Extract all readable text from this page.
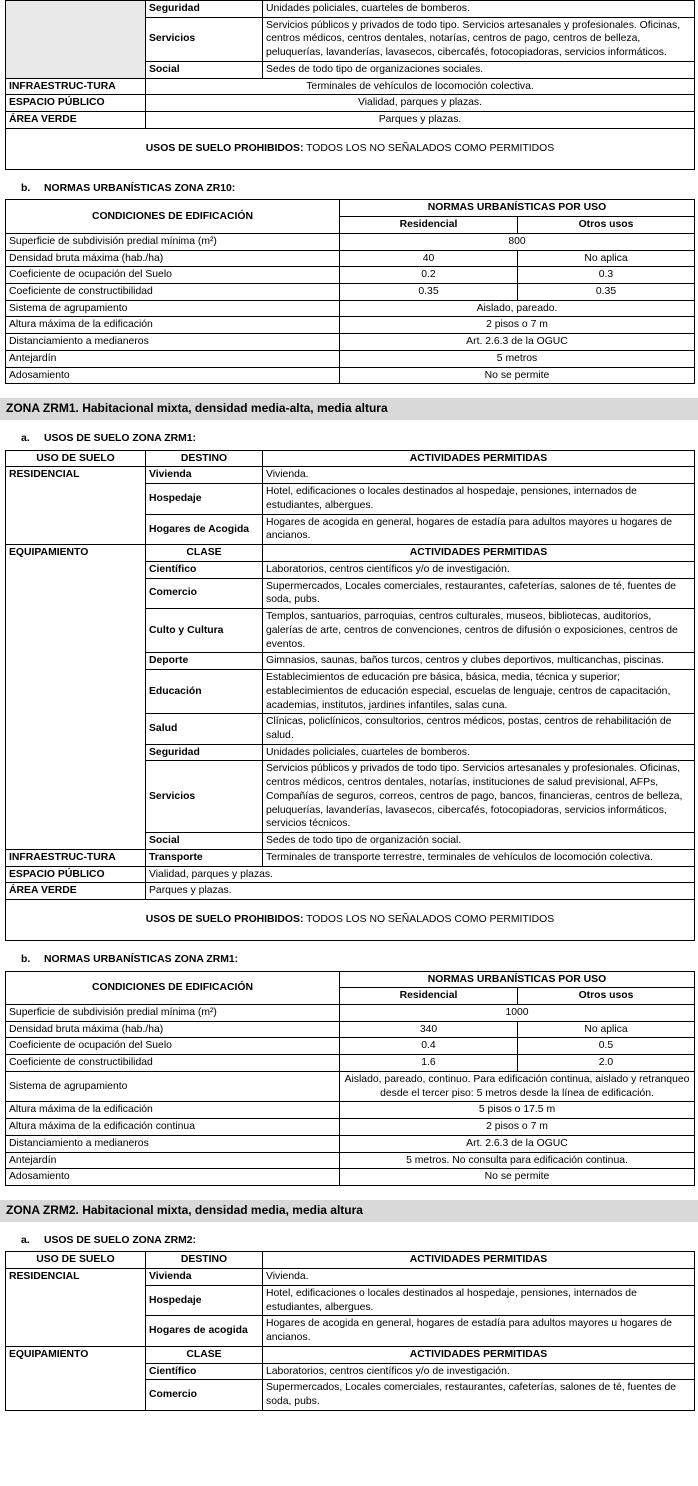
	Seguridad	Unidades policiales, cuarteles de bomberos.
	Servicios	Servicios públicos y privados de todo tipo. Servicios artesanales y profesionales. Oficinas, centros médicos, centros dentales, notarías, centros de pago, centros de belleza, peluquerías, lavanderías, lavasecos, cibercafés, fotocopiadoras, servicios informáticos.
	Social	Sedes de todo tipo de organizaciones sociales.
INFRAESTRUC-TURA	Terminales de vehículos de locomoción colectiva.	
ESPACIO PÚBLICO	Vialidad, parques y plazas.	
ÁREA VERDE	Parques y plazas.	
USOS DE SUELO PROHIBIDOS: TODOS LOS NO SEÑALADOS COMO PERMITIDOS		
b. NORMAS URBANÍSTICAS ZONA ZR10:
CONDICIONES DE EDIFICACIÓN	NORMAS URBANÍSTICAS POR USO	
	Residencial	Otros usos
Superficie de subdivisión predial mínima (m²)	800	
Densidad bruta máxima (hab./ha)	40	No aplica
Coeficiente de ocupación del Suelo	0.2	0.3
Coeficiente de constructibilidad	0.35	0.35
Sistema de agrupamiento	Aislado, pareado.	
Altura máxima de la edificación	2 pisos o 7 m	
Distanciamiento a medianeros	Art. 2.6.3 de la OGUC	
Antejardín	5 metros	
Adosamiento	No se permite	
ZONA ZRM1. Habitacional mixta, densidad media-alta, media altura
a. USOS DE SUELO ZONA ZRM1:
USO DE SUELO	DESTINO	ACTIVIDADES PERMITIDAS
RESIDENCIAL	Vivienda	Vivienda.
	Hospedaje	Hotel, edificaciones o locales destinados al hospedaje, pensiones, internados de estudiantes, albergues.
	Hogares de Acogida	Hogares de acogida en general, hogares de estadía para adultos mayores u hogares de ancianos.
EQUIPAMIENTO	CLASE	ACTIVIDADES PERMITIDAS
	Científico	Laboratorios, centros científicos y/o de investigación.
	Comercio	Supermercados, Locales comerciales, restaurantes, cafeterías, salones de té, fuentes de soda, pubs.
	Culto y Cultura	Templos, santuarios, parroquias, centros culturales, museos, bibliotecas, auditorios, galerías de arte, centros de convenciones, centros de difusión o exposiciones, centros de eventos.
	Deporte	Gimnasios, saunas, baños turcos, centros y clubes deportivos, multicanchas, piscinas.
	Educación	Establecimientos de educación pre básica, básica, media, técnica y superior; establecimientos de educación especial, escuelas de lenguaje, centros de capacitación, academias, institutos, jardines infantiles, salas cuna.
	Salud	Clínicas, policlínicos, consultorios, centros médicos, postas, centros de rehabilitación de salud.
	Seguridad	Unidades policiales, cuarteles de bomberos.
	Servicios	Servicios públicos y privados de todo tipo. Servicios artesanales y profesionales. Oficinas, centros médicos, centros dentales, notarías, instituciones de salud previsional, AFPs, Compañías de seguros, correos, centros de pago, bancos, financieras, centros de belleza, peluquerías, lavanderías, lavasecos, cibercafés, fotocopiadoras, servicios informáticos, servicios técnicos.
	Social	Sedes de todo tipo de organización social.
INFRAESTRUC-TURA	Transporte	Terminales de transporte terrestre, terminales de vehículos de locomoción colectiva.
ESPACIO PÚBLICO	Vialidad, parques y plazas.	
ÁREA VERDE	Parques y plazas.	
USOS DE SUELO PROHIBIDOS: TODOS LOS NO SEÑALADOS COMO PERMITIDOS		
b. NORMAS URBANÍSTICAS ZONA ZRM1:
CONDICIONES DE EDIFICACIÓN	NORMAS URBANÍSTICAS POR USO	
	Residencial	Otros usos
Superficie de subdivisión predial mínima (m²)	1000	
Densidad bruta máxima (hab./ha)	340	No aplica
Coeficiente de ocupación del Suelo	0.4	0.5
Coeficiente de constructibilidad	1.6	2.0
Sistema de agrupamiento	Aislado, pareado, continuo. Para edificación continua, aislado y retranqueo desde el tercer piso: 5 metros desde la línea de edificación.	
Altura máxima de la edificación	5 pisos o 17.5 m	
Altura máxima de la edificación continua	2 pisos o 7 m	
Distanciamiento a medianeros	Art. 2.6.3 de la OGUC	
Antejardín	5 metros. No consulta para edificación continua.	
Adosamiento	No se permite	
ZONA ZRM2. Habitacional mixta, densidad media, media altura
a. USOS DE SUELO ZONA ZRM2:
USO DE SUELO	DESTINO	ACTIVIDADES PERMITIDAS
RESIDENCIAL	Vivienda	Vivienda.
	Hospedaje	Hotel, edificaciones o locales destinados al hospedaje, pensiones, internados de estudiantes, albergues.
	Hogares de acogida	Hogares de acogida en general, hogares de estadía para adultos mayores u hogares de ancianos.
EQUIPAMIENTO	CLASE	ACTIVIDADES PERMITIDAS
	Científico	Laboratorios, centros científicos y/o de investigación.
	Comercio	Supermercados, Locales comerciales, restaurantes, cafeterías, salones de té, fuentes de soda, pubs.
